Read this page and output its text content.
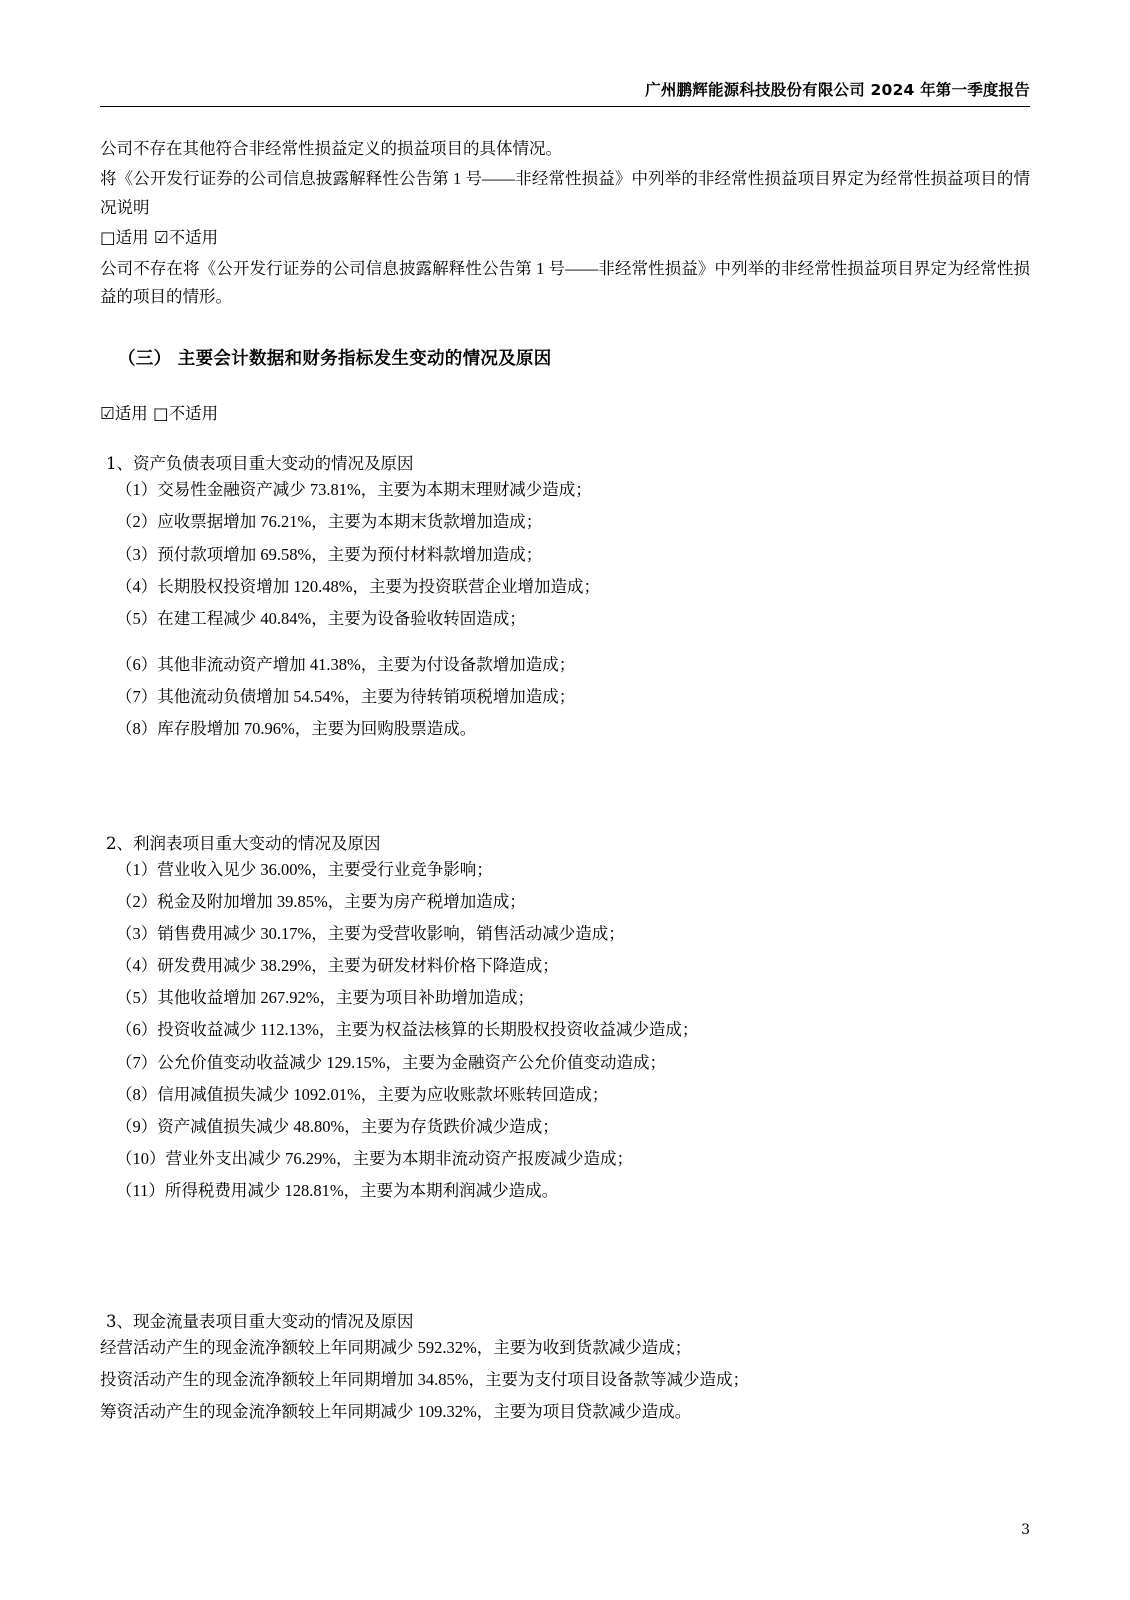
广州鹏辉能源科技股份有限公司 2024 年第一季度报告

公司不存在其他符合非经常性损益定义的损益项目的具体情况。

将《公开发行证券的公司信息披露解释性公告第 1 号——非经常性损益》中列举的非经常性损益项目界定为经常性损益项目的情况说明

□适用 ☑不适用

公司不存在将《公开发行证券的公司信息披露解释性公告第 1 号——非经常性损益》中列举的非经常性损益项目界定为经常性损益的项目的情形。

（三） 主要会计数据和财务指标发生变动的情况及原因
☑适用 □不适用
1、资产负债表项目重大变动的情况及原因

（1）交易性金融资产减少 73.81%，主要为本期末理财减少造成；

（2）应收票据增加 76.21%，主要为本期末货款增加造成；

（3）预付款项增加 69.58%，主要为预付材料款增加造成；

（4）长期股权投资增加 120.48%，主要为投资联营企业增加造成；

（5）在建工程减少 40.84%，主要为设备验收转固造成；

（6）其他非流动资产增加 41.38%，主要为付设备款增加造成；

（7）其他流动负债增加 54.54%，主要为待转销项税增加造成；

（8）库存股增加 70.96%，主要为回购股票造成。

2、利润表项目重大变动的情况及原因

（1）营业收入见少 36.00%，主要受行业竞争影响；

（2）税金及附加增加 39.85%，主要为房产税增加造成；

（3）销售费用减少 30.17%，主要为受营收影响，销售活动减少造成；

（4）研发费用减少 38.29%，主要为研发材料价格下降造成；

（5）其他收益增加 267.92%，主要为项目补助增加造成；

（6）投资收益减少 112.13%，主要为权益法核算的长期股权投资收益减少造成；

（7）公允价值变动收益减少 129.15%，主要为金融资产公允价值变动造成；

（8）信用减值损失减少 1092.01%，主要为应收账款坏账转回造成；

（9）资产减值损失减少 48.80%，主要为存货跌价减少造成；

（10）营业外支出减少 76.29%，主要为本期非流动资产报废减少造成；

（11）所得税费用减少 128.81%，主要为本期利润减少造成。

3、现金流量表项目重大变动的情况及原因

经营活动产生的现金流净额较上年同期减少 592.32%，主要为收到货款减少造成；

投资活动产生的现金流净额较上年同期增加 34.85%，主要为支付项目设备款等减少造成；

筹资活动产生的现金流净额较上年同期减少 109.32%，主要为项目贷款减少造成。

3
